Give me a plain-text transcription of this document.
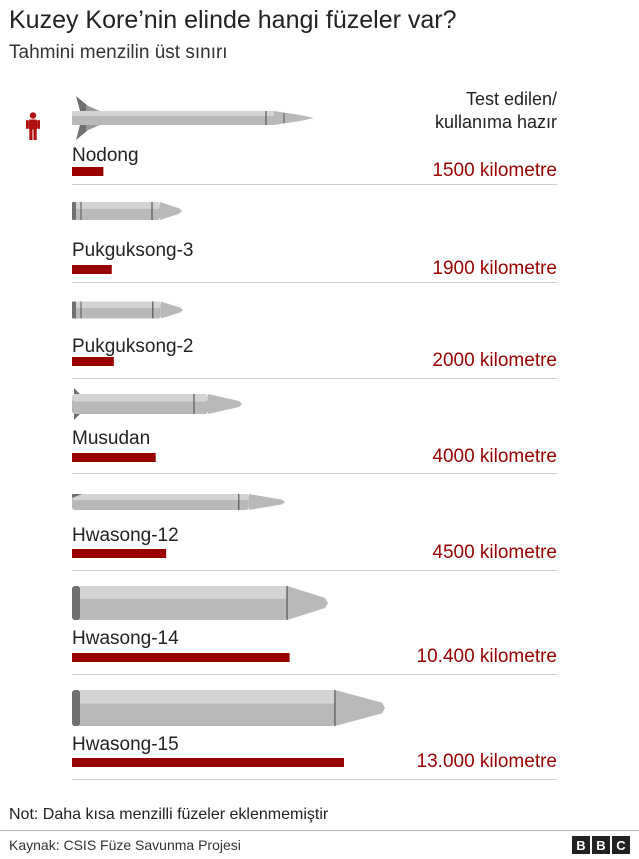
Kuzey Kore’nin elinde hangi füzeler var?
Tahmini menzilin üst sınırı
Test edilen/
kullanıma hazır
Nodong
1500 kilometre
Pukguksong-3
1900 kilometre
Pukguksong-2
2000 kilometre
Musudan
4000 kilometre
Hwasong-12
4500 kilometre
Hwasong-14
10.400 kilometre
Hwasong-15
13.000 kilometre
Not: Daha kısa menzilli füzeler eklenmemiştir
Kaynak: CSIS Füze Savunma Projesi	B B C
